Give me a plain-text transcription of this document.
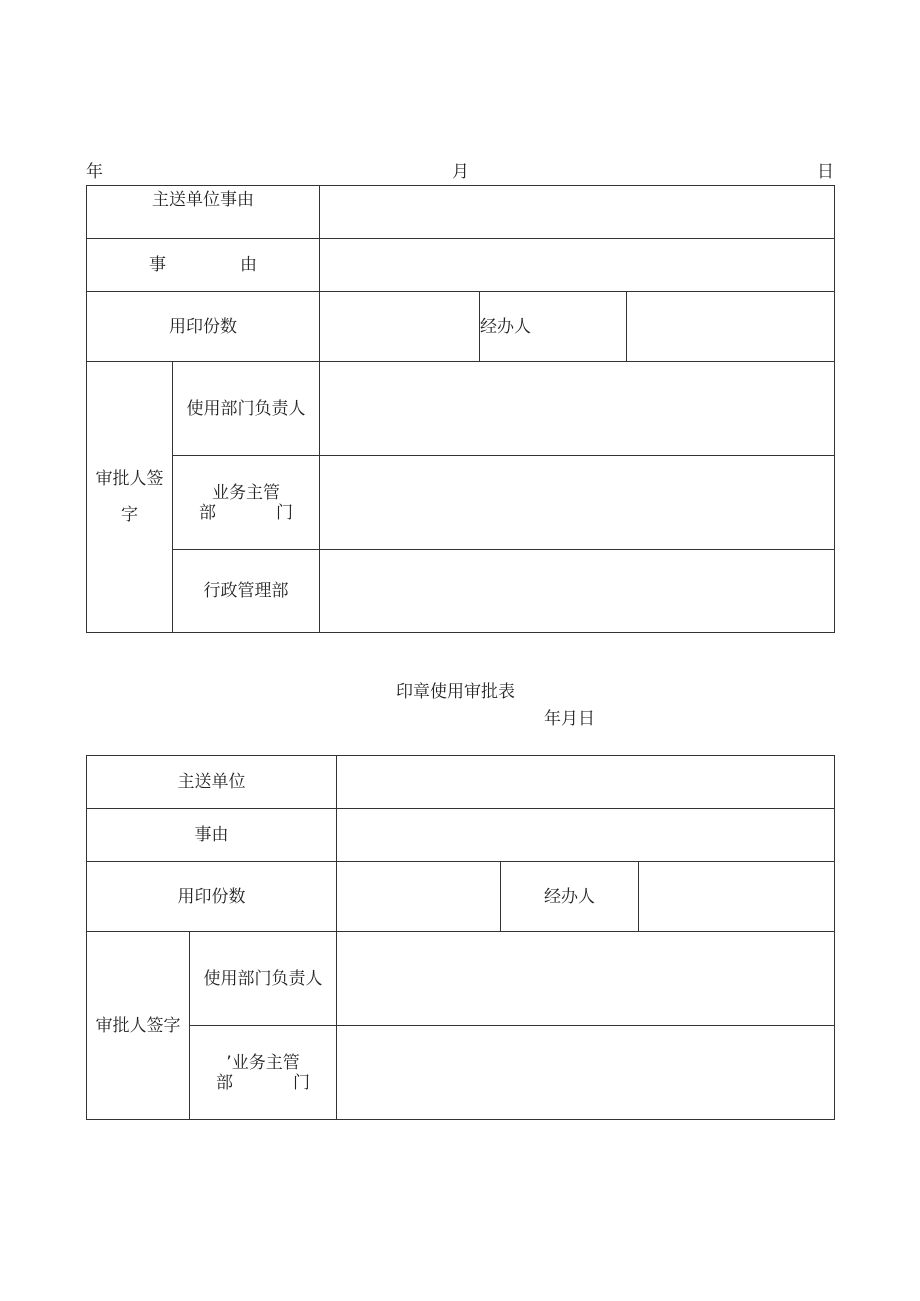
年	月	日
主送单位事由				

事 由				

用印份数			经办人	

审批人签字	使用部门负责人			

	业务主管
部 门			

	行政管理部			
印章使用审批表
年月日
主送单位				
事由				
用印份数			经办人	

审批人签字	使用部门负责人			

	’业务主管
部 门			
